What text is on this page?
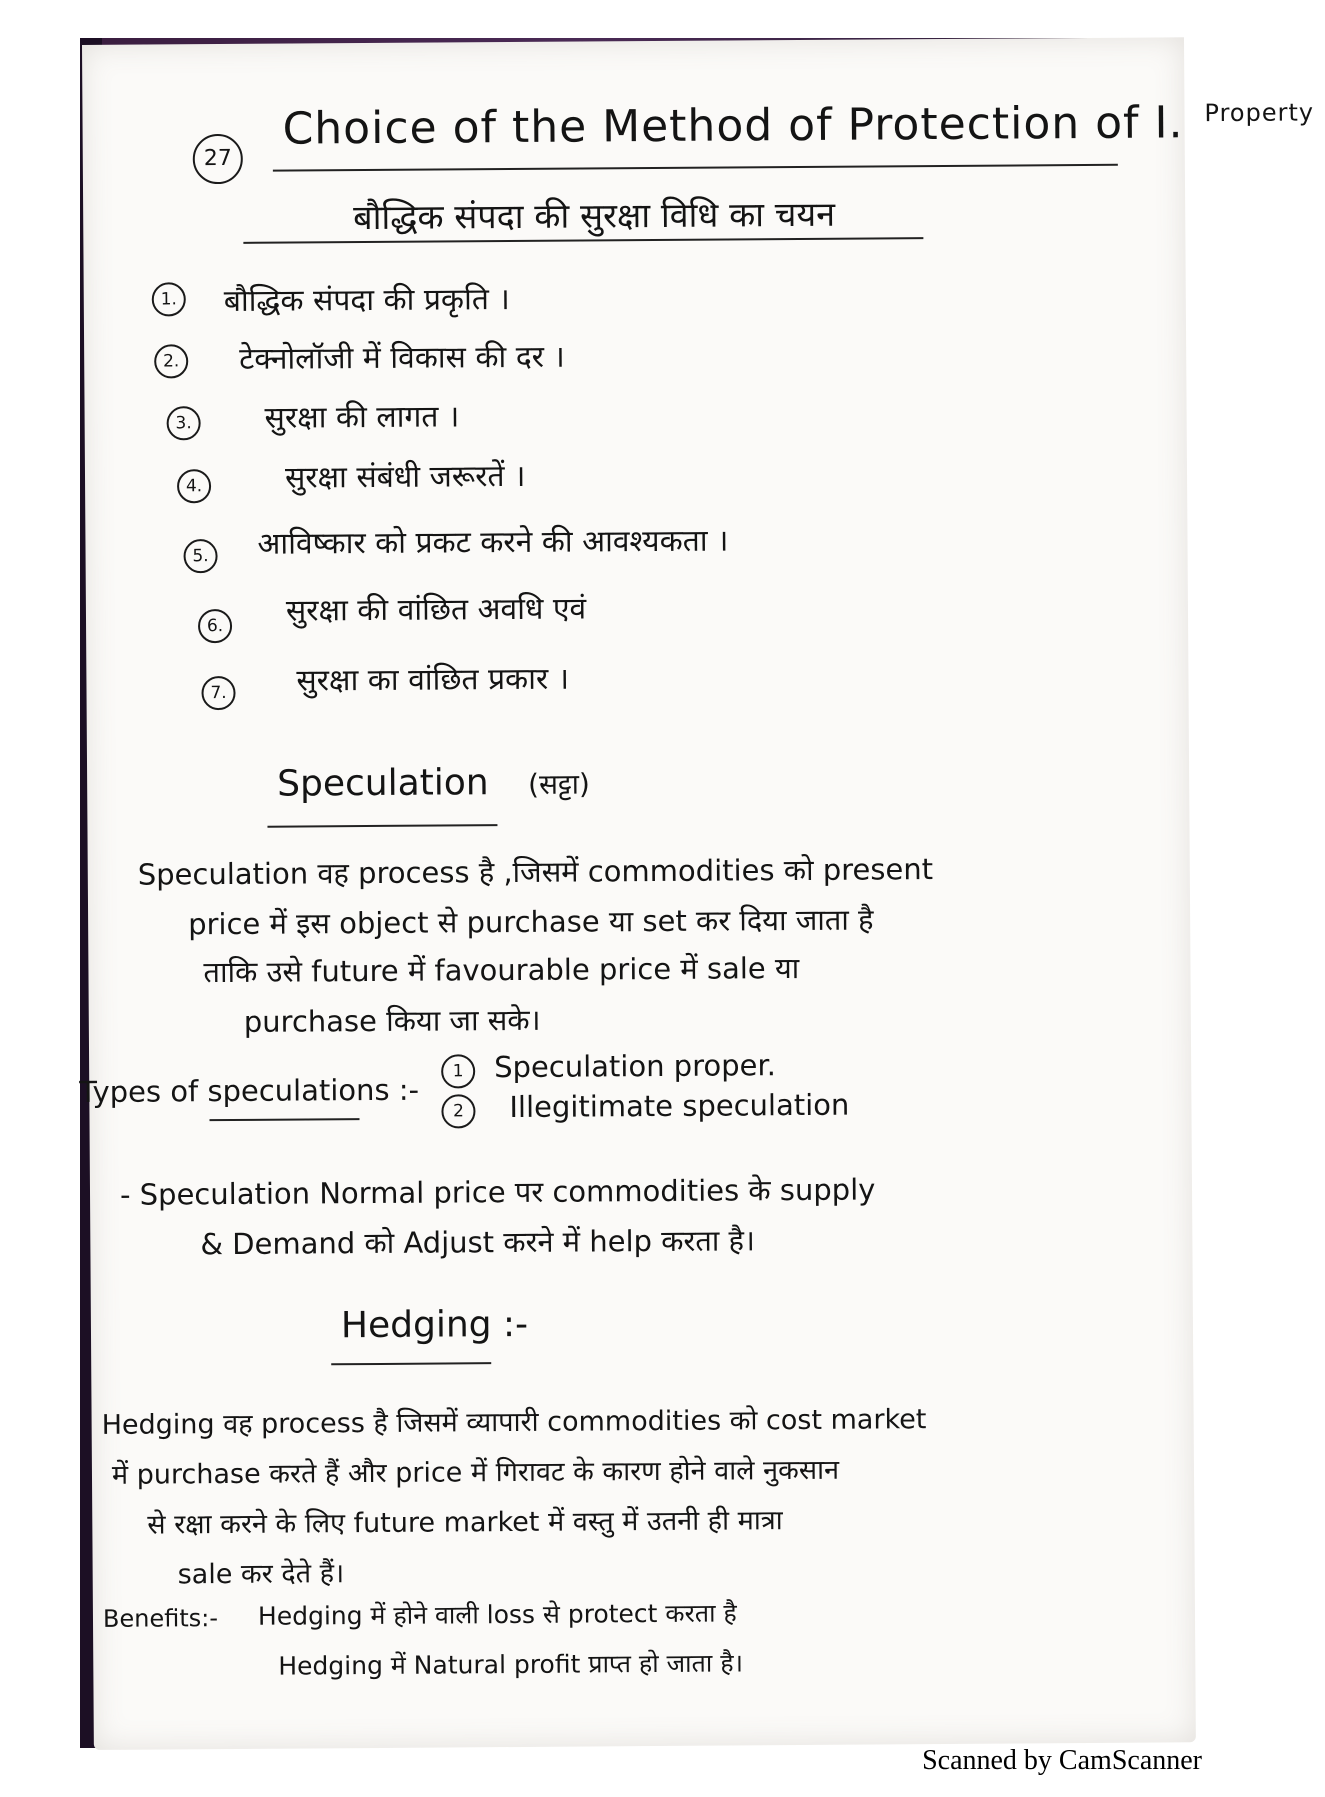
27
Choice of the Method of Protection of I. $^{Property}$
बौद्धिक संपदा की सुरक्षा विधि का चयन
1. बौद्धिक संपदा की प्रकृति ।
2. टेक्नोलॉजी में विकास की दर ।
3. सुरक्षा की लागत ।
4.	सुरक्षा संबंधी जरूरतें ।
5. आविष्कार को प्रकट करने की आवश्यकता ।
6. सुरक्षा की वांछित अवधि एवं
7. सुरक्षा का वांछित प्रकार ।
Speculation (सट्टा)
Speculation वह process है ,जिसमें commodities को present
price में इस object से purchase या set कर दिया जाता है
ताकि उसे future में favourable price में sale या
purchase किया जा सके।
Types of speculations :-
1	Speculation proper.
2	Illegitimate speculation
- Speculation Normal price पर commodities के supply
& Demand को Adjust करने में help करता है।
Hedging :-
Hedging वह process है जिसमें व्यापारी commodities को cost market
में purchase करते हैं और price में गिरावट के कारण होने वाले नुकसान
से रक्षा करने के लिए future market में वस्तु में उतनी ही मात्रा
sale कर देते हैं।
Benefits:- Hedging में होने वाली loss से protect करता है
Hedging में Natural profit प्राप्त हो जाता है।
Scanned by CamScanner
